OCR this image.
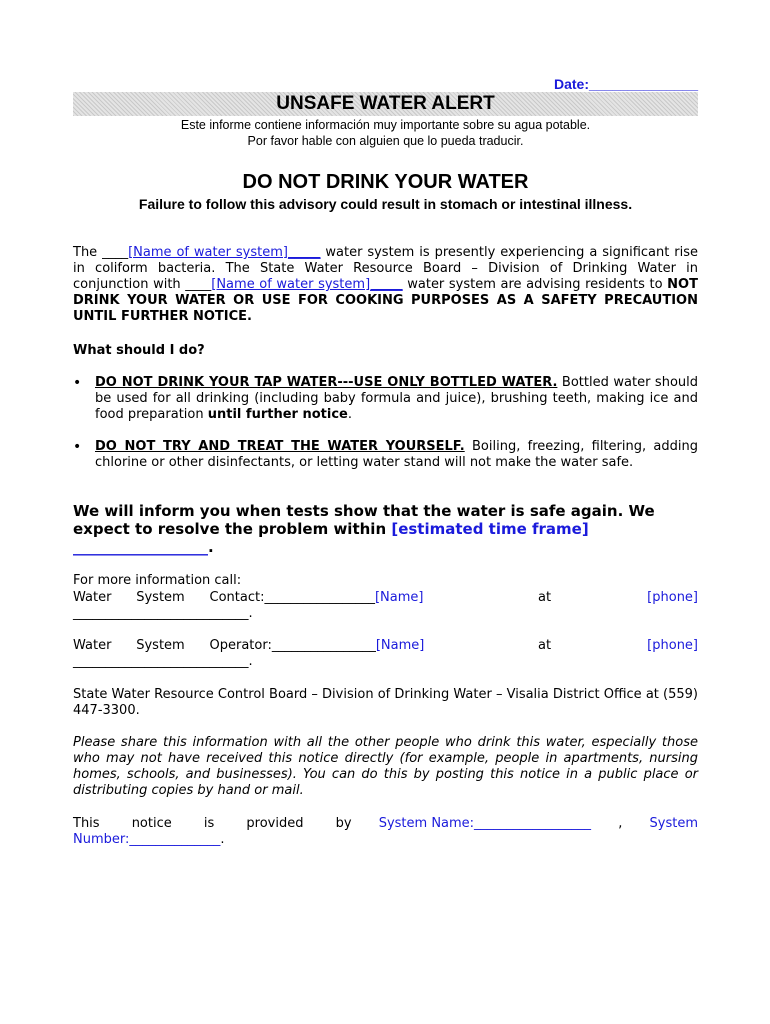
Date:______________
UNSAFE WATER ALERT
Este informe contiene información muy importante sobre su agua potable.
Por favor hable con alguien que lo pueda traducir.
DO NOT DRINK YOUR WATER
Failure to follow this advisory could result in stomach or intestinal illness.
The ____[Name of water system]_____ water system is presently experiencing a significant rise in coliform bacteria. The State Water Resource Board – Division of Drinking Water in conjunction with ____[Name of water system]_____ water system are advising residents to NOT DRINK YOUR WATER OR USE FOR COOKING PURPOSES AS A SAFETY PRECAUTION UNTIL FURTHER NOTICE.
What should I do?
• DO NOT DRINK YOUR TAP WATER---USE ONLY BOTTLED WATER. Bottled water should be used for all drinking (including baby formula and juice), brushing teeth, making ice and food preparation until further notice.
• DO NOT TRY AND TREAT THE WATER YOURSELF. Boiling, freezing, filtering, adding chlorine or other disinfectants, or letting water stand will not make the water safe.
We will inform you when tests show that the water is safe again. We expect to resolve the problem within [estimated time frame] __________________.
For more information call:
Water      System      Contact:_________________[Name]	at	[phone]
___________________________.
Water      System      Operator:________________[Name]	at	[phone]
___________________________.
State Water Resource Control Board – Division of Drinking Water – Visalia District Office at (559) 447-3300.
Please share this information with all the other people who drink this water, especially those who may not have received this notice directly (for example, people in apartments, nursing homes, schools, and businesses). You can do this by posting this notice in a public place or distributing copies by hand or mail.
This notice is provided by System Name:__________________ , System
Number:______________.
